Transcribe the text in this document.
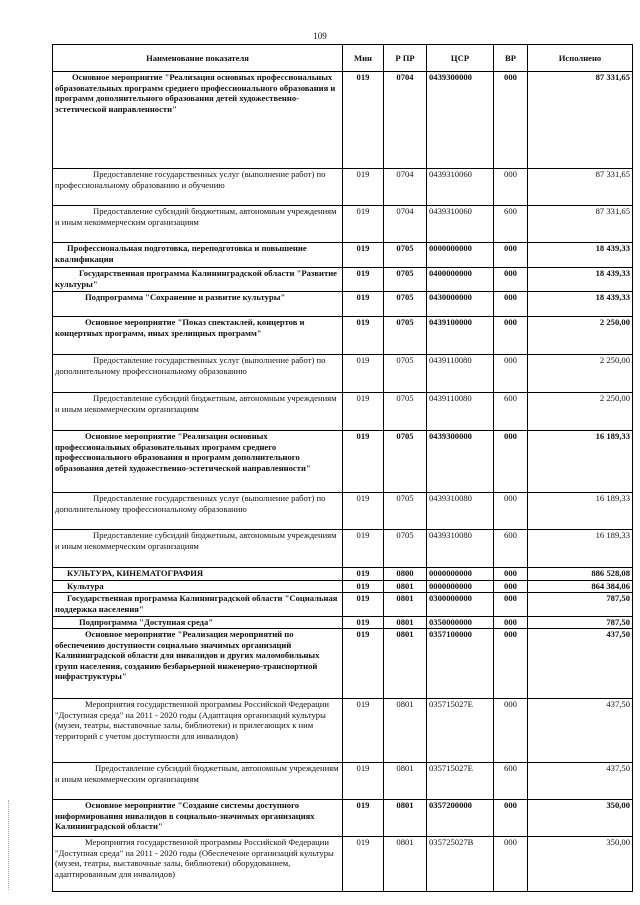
109
Наименование показателя	Мин	Р ПР	ЦСР	ВР	Исполнено

Основное мероприятие "Реализация основных профессиональных образовательных программ среднего профессионального образования и программ дополнительного образования детей художественно-эстетической направленности"	019	0704	0439300000	000	87 331,65

Предоставление государственных услуг (выполнение работ) по профессиональному образованию и обучению	019	0704	0439310060	000	87 331,65

Предоставление субсидий бюджетным, автономным учреждениям и иным некоммерческим организациям	019	0704	0439310060	600	87 331,65

Профессиональная подготовка, переподготовка и повышение квалификации	019	0705	0000000000	000	18 439,33

Государственная программа Калининградской области "Развитие культуры"	019	0705	0400000000	000	18 439,33

Подпрограмма "Сохранение и развитие культуры"	019	0705	0430000000	000	18 439,33

Основное мероприятие "Показ спектаклей, концертов и концертных программ, иных зрелищных программ"	019	0705	0439100000	000	2 250,00

Предоставление государственных услуг (выполнение работ) по дополнительному профессиональному образованию	019	0705	0439110080	000	2 250,00

Предоставление субсидий бюджетным, автономным учреждениям и иным некоммерческим организациям	019	0705	0439110080	600	2 250,00

Основное мероприятие "Реализация основных профессиональных образовательных программ среднего профессионального образования и программ дополнительного образования детей художественно-эстетической направленности"	019	0705	0439300000	000	16 189,33

Предоставление государственных услуг (выполнение работ) по дополнительному профессиональному образованию	019	0705	0439310080	000	16 189,33

Предоставление субсидий бюджетным, автономным учреждениям и иным некоммерческим организациям	019	0705	0439310080	600	16 189,33

КУЛЬТУРА, КИНЕМАТОГРАФИЯ	019	0800	0000000000	000	886 528,08

Культура	019	0801	0000000000	000	864 384,06

Государственная программа Калининградской области "Социальная поддержка населения"	019	0801	0300000000	000	787,50

Подпрограмма "Доступная среда"	019	0801	0350000000	000	787,50

Основное мероприятие "Реализация мероприятий по обеспечению доступности социально значимых организаций Калининградской области для инвалидов и других маломобильных групп населения, созданию безбарьерной инженерно-транспортной инфраструктуры"	019	0801	0357100000	000	437,50

Мероприятия государственной программы Российской Федерации "Доступная среда" на 2011 - 2020 годы (Адаптация организаций культуры (музеи, театры, выставочные залы, библиотеки) и прилегающих к ним территорий с учетом доступности для инвалидов)	019	0801	035715027E	000	437,50

Предоставление субсидий бюджетным, автономным учреждениям и иным некоммерческим организациям	019	0801	035715027E	600	437,50

Основное мероприятие "Создание системы доступного информирования инвалидов в социально-значимых организациях Калининградской области"	019	0801	0357200000	000	350,00

Мероприятия государственной программы Российской Федерации "Доступная среда" на 2011 - 2020 годы (Обеспечение организаций культуры (музеи, театры, выставочные залы, библиотеки) оборудованием, адаптированным для инвалидов)	019	0801	035725027B	000	350,00
